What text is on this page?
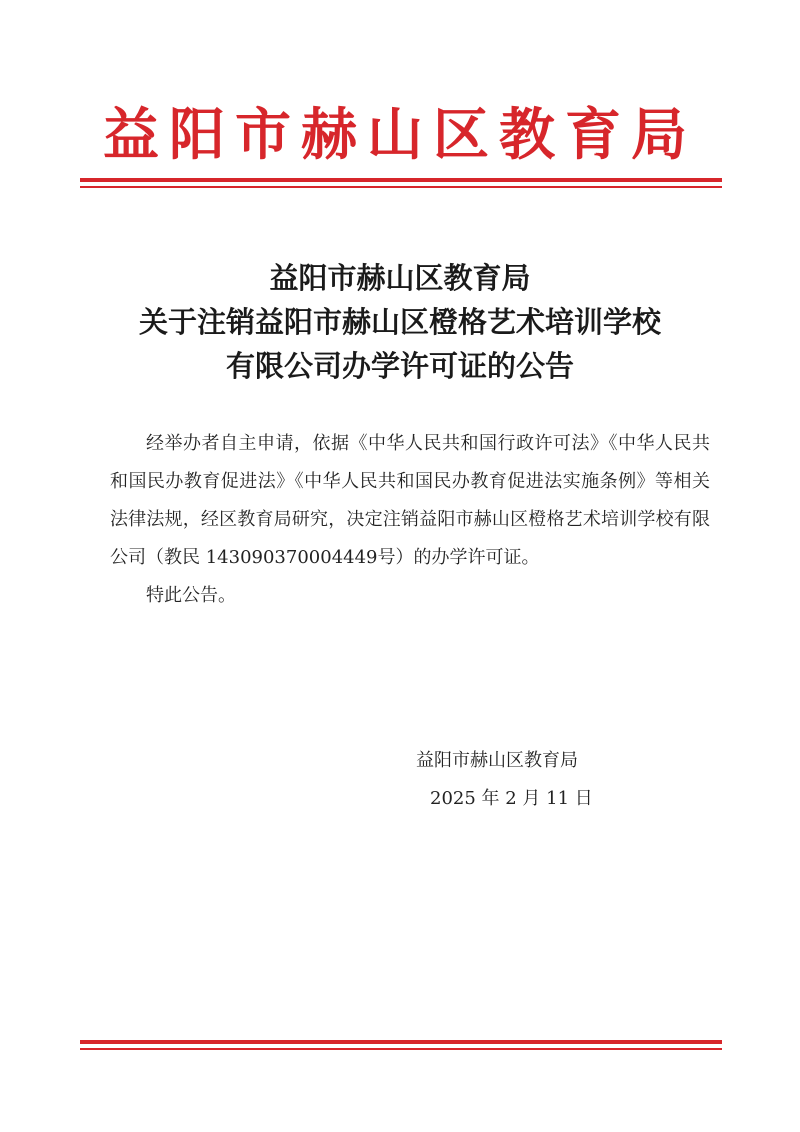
益阳市赫山区教育局
益阳市赫山区教育局
关于注销益阳市赫山区橙格艺术培训学校
有限公司办学许可证的公告

经举办者自主申请，依据《中华人民共和国行政许可法》《中华人民共和国民办教育促进法》《中华人民共和国民办教育促进法实施条例》等相关法律法规，经区教育局研究，决定注销益阳市赫山区橙格艺术培训学校有限公司（教民 143090370004449号）的办学许可证。

特此公告。

益阳市赫山区教育局
2025 年 2 月 11 日
